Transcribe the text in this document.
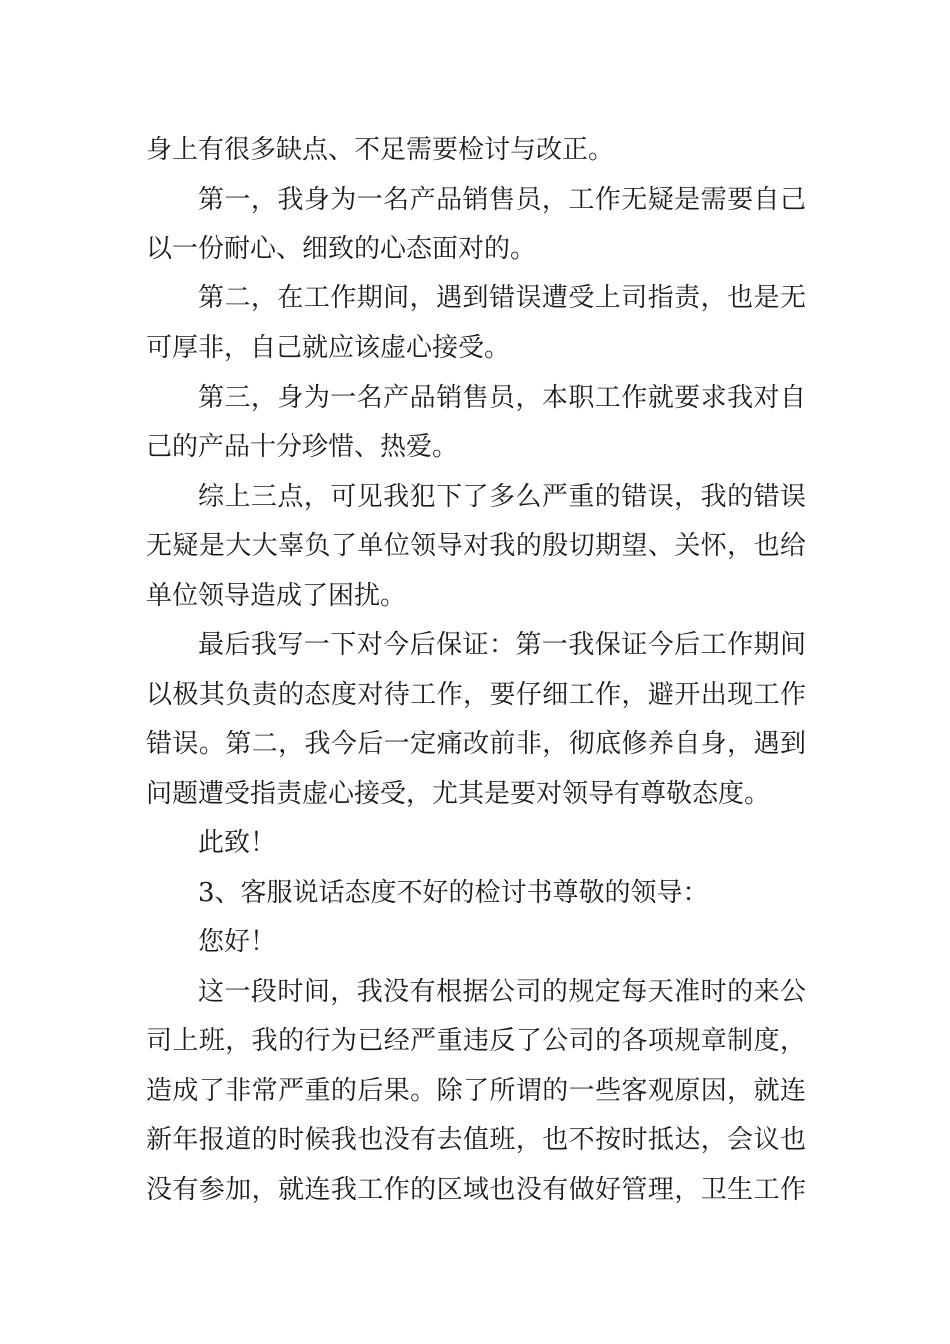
身上有很多缺点、不足需要检讨与改正。
第一，我身为一名产品销售员，工作无疑是需要自己
以一份耐心、细致的心态面对的。
第二，在工作期间，遇到错误遭受上司指责，也是无
可厚非，自己就应该虚心接受。
第三，身为一名产品销售员，本职工作就要求我对自
己的产品十分珍惜、热爱。
综上三点，可见我犯下了多么严重的错误，我的错误
无疑是大大辜负了单位领导对我的殷切期望、关怀，也给
单位领导造成了困扰。
最后我写一下对今后保证：第一我保证今后工作期间
以极其负责的态度对待工作，要仔细工作，避开出现工作
错误。第二，我今后一定痛改前非，彻底修养自身，遇到
问题遭受指责虚心接受，尤其是要对领导有尊敬态度。
此致！
3、客服说话态度不好的检讨书尊敬的领导：
您好！
这一段时间，我没有根据公司的规定每天准时的来公
司上班，我的行为已经严重违反了公司的各项规章制度，
造成了非常严重的后果。除了所谓的一些客观原因，就连
新年报道的时候我也没有去值班，也不按时抵达，会议也
没有参加，就连我工作的区域也没有做好管理，卫生工作
